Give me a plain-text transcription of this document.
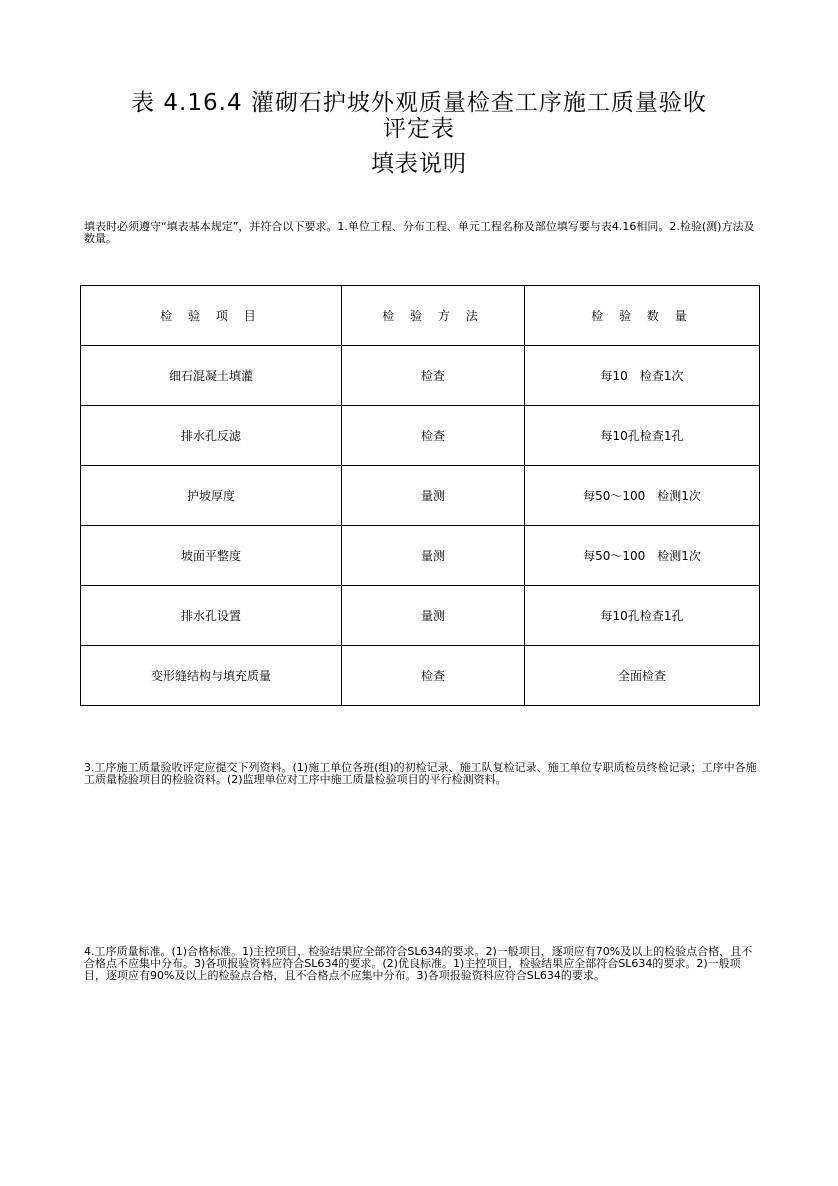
表 4.16.4 灌砌石护坡外观质量检查工序施工质量验收
评定表
填表说明
填表时必须遵守“填表基本规定”，并符合以下要求。1.单位工程、分布工程、单元工程名称及部位填写要与表4.16相同。2.检验(测)方法及数量。
检 验 项 目	检 验 方 法	检 验 数 量
细石混凝土填灌	检查	每10　检查1次
排水孔反滤	检查	每10孔检查1孔
护坡厚度	量测	每50～100　检测1次
坡面平整度	量测	每50～100　检测1次
排水孔设置	量测	每10孔检查1孔
变形缝结构与填充质量	检查	全面检查
3.工序施工质量验收评定应提交下列资料。(1)施工单位各班(组)的初检记录、施工队复检记录、施工单位专职质检员终检记录；工序中各施工质量检验项目的检验资料。(2)监理单位对工序中施工质量检验项目的平行检测资料。
4.工序质量标准。(1)合格标准。1)主控项目，检验结果应全部符合SL634的要求。2)一般项目，逐项应有70%及以上的检验点合格，且不合格点不应集中分布。3)各项报验资料应符合SL634的要求。(2)优良标准。1)主控项目，检验结果应全部符合SL634的要求。2)一般项目，逐项应有90%及以上的检验点合格，且不合格点不应集中分布。3)各项报验资料应符合SL634的要求。
